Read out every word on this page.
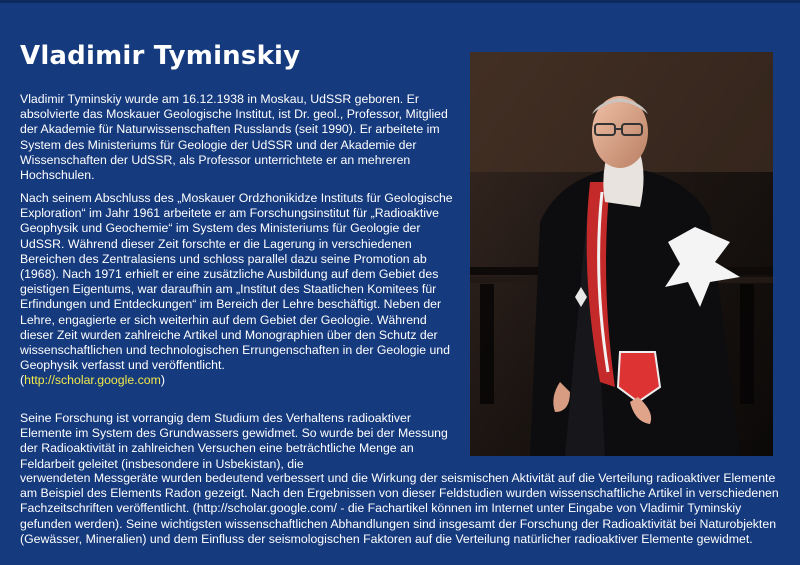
Vladimir Tyminskiy

Vladimir Tyminskiy wurde am 16.12.1938 in Moskau, UdSSR geboren. Er absolvierte das Moskauer Geologische Institut, ist Dr. geol., Professor, Mitglied der Akademie für Naturwissenschaften Russlands (seit 1990). Er arbeitete im System des Ministeriums für Geologie der UdSSR und der Akademie der Wissenschaften der UdSSR, als Professor unterrichtete er an mehreren Hochschulen.

Nach seinem Abschluss des „Moskauer Ordzhonikidze Instituts für Geologische Exploration“ im Jahr 1961 arbeitete er am Forschungsinstitut für „Radioaktive Geophysik und Geochemie“ im System des Ministeriums für Geologie der UdSSR. Während dieser Zeit forschte er die Lagerung in verschiedenen Bereichen des Zentralasiens und schloss parallel dazu seine Promotion ab (1968). Nach 1971 erhielt er eine zusätzliche Ausbildung auf dem Gebiet des geistigen Eigentums, war daraufhin am „Institut des Staatlichen Komitees für Erfindungen und Entdeckungen“ im Bereich der Lehre beschäftigt. Neben der Lehre, engagierte er sich weiterhin auf dem Gebiet der Geologie. Während dieser Zeit wurden zahlreiche Artikel und Monographien über den Schutz der wissenschaftlichen und technologischen Errungenschaften in der Geologie und Geophysik verfasst und veröffentlicht.
(http://scholar.google.com)

Seine Forschung ist vorrangig dem Studium des Verhaltens radioaktiver Elemente im System des Grundwassers gewidmet. So wurde bei der Messung der Radioaktivität in zahlreichen Versuchen eine beträchtliche Menge an Feldarbeit geleitet (insbesondere in Usbekistan), die

verwendeten Messgeräte wurden bedeutend verbessert und die Wirkung der seismischen Aktivität auf die Verteilung radioaktiver Elemente am Beispiel des Elements Radon gezeigt. Nach den Ergebnissen von dieser Feldstudien wurden wissenschaftliche Artikel in verschiedenen Fachzeitschriften veröffentlicht. (http://scholar.google.com/ - die Fachartikel können im Internet unter Eingabe von Vladimir Tyminskiy gefunden werden). Seine wichtigsten wissenschaftlichen Abhandlungen sind insgesamt der Forschung der Radioaktivität bei Naturobjekten (Gewässer, Mineralien) und dem Einfluss der seismologischen Faktoren auf die Verteilung natürlicher radioaktiver Elemente gewidmet.
